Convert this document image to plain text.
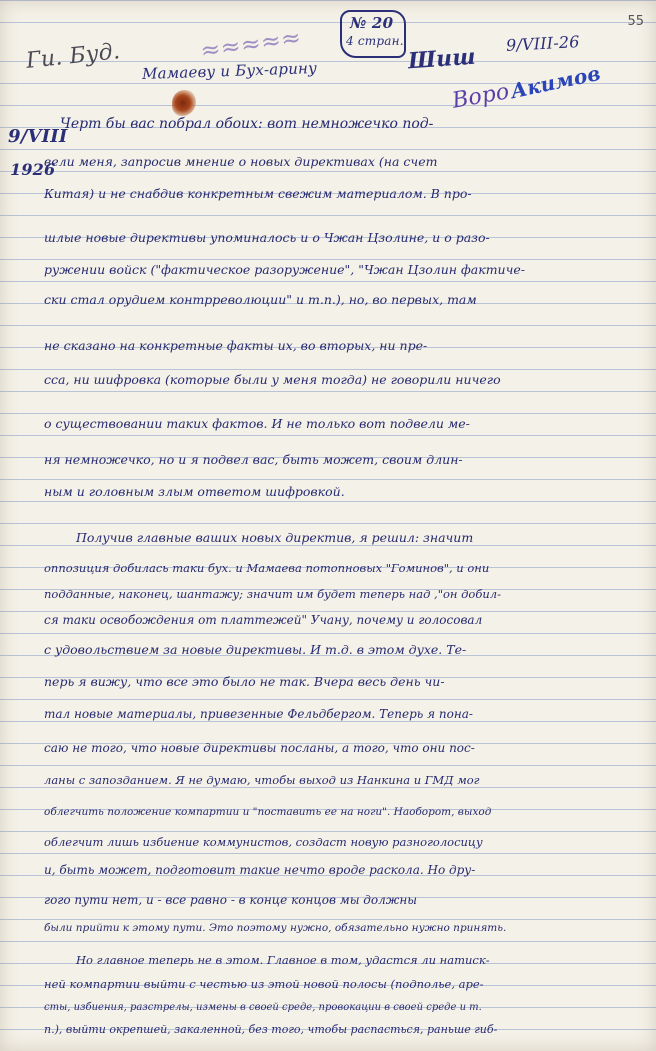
Ги. Буд.	≈≈≈≈≈
Мамаеву и Бух-арину
№ 20
4 стран.
Шиш
9/VIII-26
Воро
Акимов
55
9/VIII
1926
Черт бы вас побрал обоих: вот немножечко под-
вели меня, запросив мнение о новых директивах (на счет
Китая) и не снабдив конкретным свежим материалом. В про-
шлые новые директивы упоминалось и о Чжан Цзолине, и о разо-
ружении войск ("фактическое разоружение", "Чжан Цзолин фактиче-
ски стал орудием контрреволюции" и т.п.), но, во первых, там
не сказано на конкретные факты их, во вторых, ни пре-
сса, ни шифровка (которые были у меня тогда) не говорили ничего
о существовании таких фактов. И не только вот подвели ме-
ня немножечко, но и я подвел вас, быть может, своим длин-
ным и головным злым ответом шифровкой.
Получив главные ваших новых директив, я решил: значит
оппозиция добилась таки бух. и Мамаева потопновых "Гоминов", и они
подданные, наконец, шантажу; значит им будет теперь над ,"он добил-
ся таки освобождения от платтежей" Учану, почему и голосовал
с удовольствием за новые директивы. И т.д. в этом духе. Те-
перь я вижу, что все это было не так. Вчера весь день чи-
тал новые материалы, привезенные Фельдбергом. Теперь я пона-
саю не того, что новые директивы посланы, а того, что они пос-
ланы с запозданием. Я не думаю, чтобы выход из Нанкина и ГМД мог
облегчить положение компартии и "поставить ее на ноги". Наоборот, выход
облегчит лишь избиение коммунистов, создаст новую разноголосицу
и, быть может, подготовит такие нечто вроде раскола. Но дру-
гого пути нет, и - все равно - в конце концов мы должны
были прийти к этому пути. Это поэтому нужно, обязательно нужно принять.
Но главное теперь не в этом. Главное в том, удастся ли натиск-
ней компартии выйти с честью из этой новой полосы (подполье, аре-
сты, избиения, разстрелы, измены в своей среде, провокации в своей среде и т.
п.), выйти окрепшей, закаленной, без того, чтобы распасться, раньше гиб-
